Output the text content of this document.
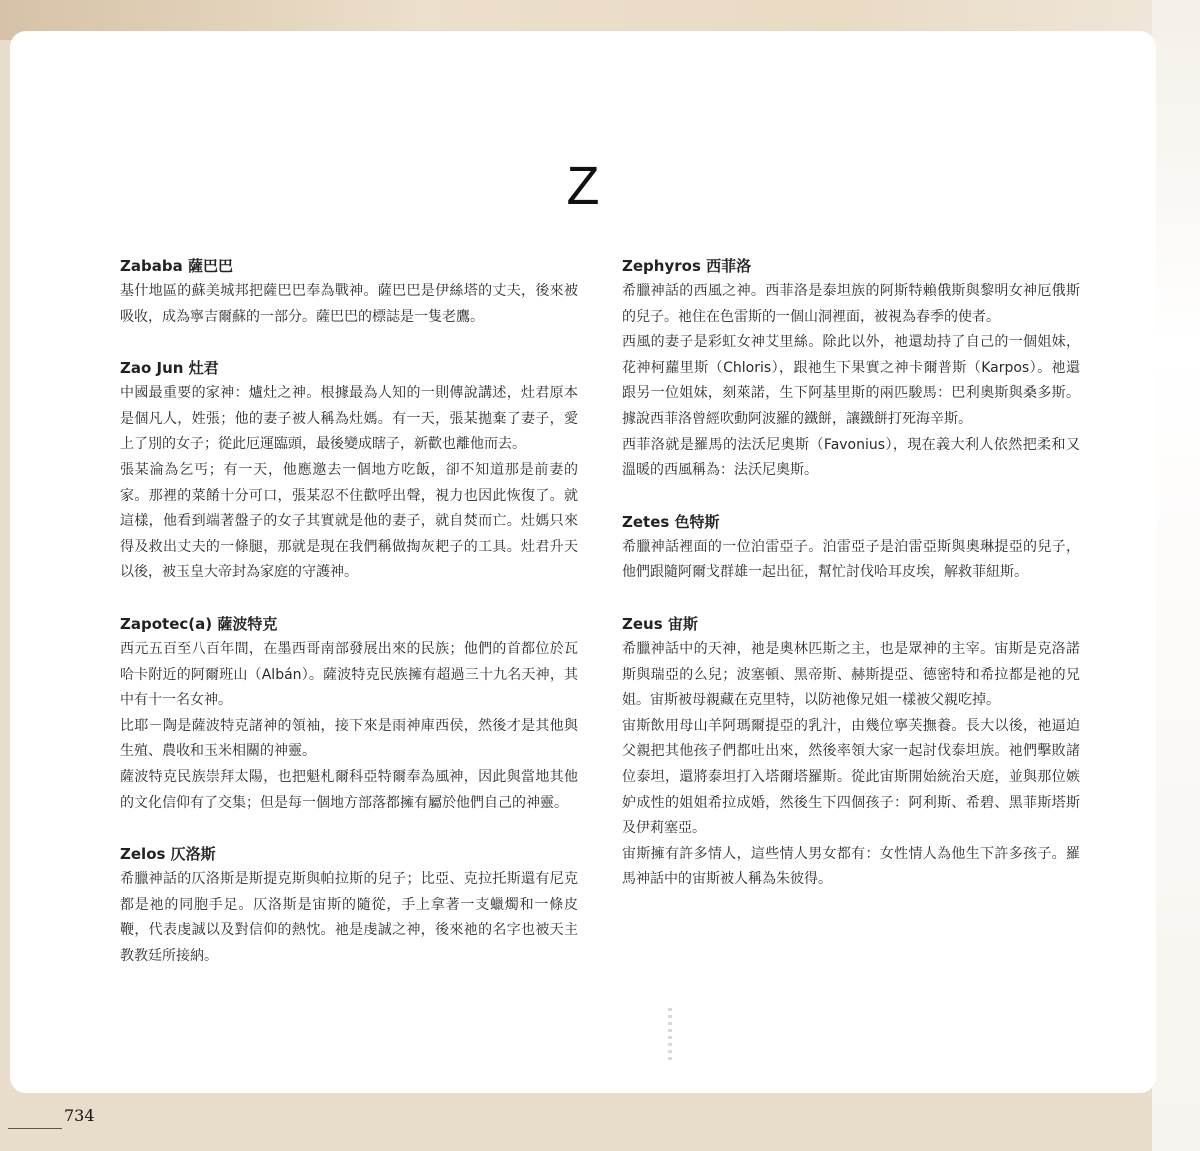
Z
Zababa 薩巴巴
基什地區的蘇美城邦把薩巴巴奉為戰神。薩巴巴是伊絲塔的丈夫，後來被吸收，成為寧吉爾蘇的一部分。薩巴巴的標誌是一隻老鷹。
Zao Jun 灶君
中國最重要的家神：爐灶之神。根據最為人知的一則傳說講述，灶君原本是個凡人，姓張；他的妻子被人稱為灶媽。有一天，張某拋棄了妻子，愛上了別的女子；從此厄運臨頭，最後變成瞎子，新歡也離他而去。
張某淪為乞丐；有一天，他應邀去一個地方吃飯，卻不知道那是前妻的家。那裡的菜餚十分可口，張某忍不住歡呼出聲，視力也因此恢復了。就這樣，他看到端著盤子的女子其實就是他的妻子，就自焚而亡。灶媽只來得及救出丈夫的一條腿，那就是現在我們稱做掏灰耙子的工具。灶君升天以後，被玉皇大帝封為家庭的守護神。
Zapotec(a) 薩波特克
西元五百至八百年間，在墨西哥南部發展出來的民族；他們的首都位於瓦哈卡附近的阿爾班山（Albán）。薩波特克民族擁有超過三十九名天神，其中有十一名女神。
比耶－陶是薩波特克諸神的領袖，接下來是雨神庫西侯，然後才是其他與生殖、農收和玉米相關的神靈。
薩波特克民族崇拜太陽，也把魁札爾科亞特爾奉為風神，因此與當地其他的文化信仰有了交集；但是每一個地方部落都擁有屬於他們自己的神靈。
Zelos 仄洛斯
希臘神話的仄洛斯是斯提克斯與帕拉斯的兒子；比亞、克拉托斯還有尼克都是祂的同胞手足。仄洛斯是宙斯的隨從，手上拿著一支蠟燭和一條皮鞭，代表虔誠以及對信仰的熱忱。祂是虔誠之神，後來祂的名字也被天主教教廷所接納。
Zephyros 西菲洛
希臘神話的西風之神。西菲洛是泰坦族的阿斯特賴俄斯與黎明女神厄俄斯的兒子。祂住在色雷斯的一個山洞裡面，被視為春季的使者。
西風的妻子是彩虹女神艾里絲。除此以外，祂還劫持了自己的一個姐妹，花神柯蘿里斯（Chloris），跟祂生下果實之神卡爾普斯（Karpos）。祂還跟另一位姐妹，刻萊諾，生下阿基里斯的兩匹駿馬：巴利奧斯與桑多斯。據說西菲洛曾經吹動阿波羅的鐵餅，讓鐵餅打死海辛斯。
西菲洛就是羅馬的法沃尼奧斯（Favonius），現在義大利人依然把柔和又溫暖的西風稱為：法沃尼奧斯。
Zetes 色特斯
希臘神話裡面的一位泊雷亞子。泊雷亞子是泊雷亞斯與奧琳提亞的兒子，他們跟隨阿爾戈群雄一起出征，幫忙討伐哈耳皮埃，解救菲紐斯。
Zeus 宙斯
希臘神話中的天神，祂是奧林匹斯之主，也是眾神的主宰。宙斯是克洛諾斯與瑞亞的么兒；波塞頓、黑帝斯、赫斯提亞、德密特和希拉都是祂的兄姐。宙斯被母親藏在克里特，以防祂像兄姐一樣被父親吃掉。
宙斯飲用母山羊阿瑪爾提亞的乳汁，由幾位寧芙撫養。長大以後，祂逼迫父親把其他孩子們都吐出來，然後率領大家一起討伐泰坦族。祂們擊敗諸位泰坦，還將泰坦打入塔爾塔羅斯。從此宙斯開始統治天庭，並與那位嫉妒成性的姐姐希拉成婚，然後生下四個孩子：阿利斯、希碧、黑菲斯塔斯及伊莉塞亞。
宙斯擁有許多情人，這些情人男女都有：女性情人為他生下許多孩子。羅馬神話中的宙斯被人稱為朱彼得。
734
